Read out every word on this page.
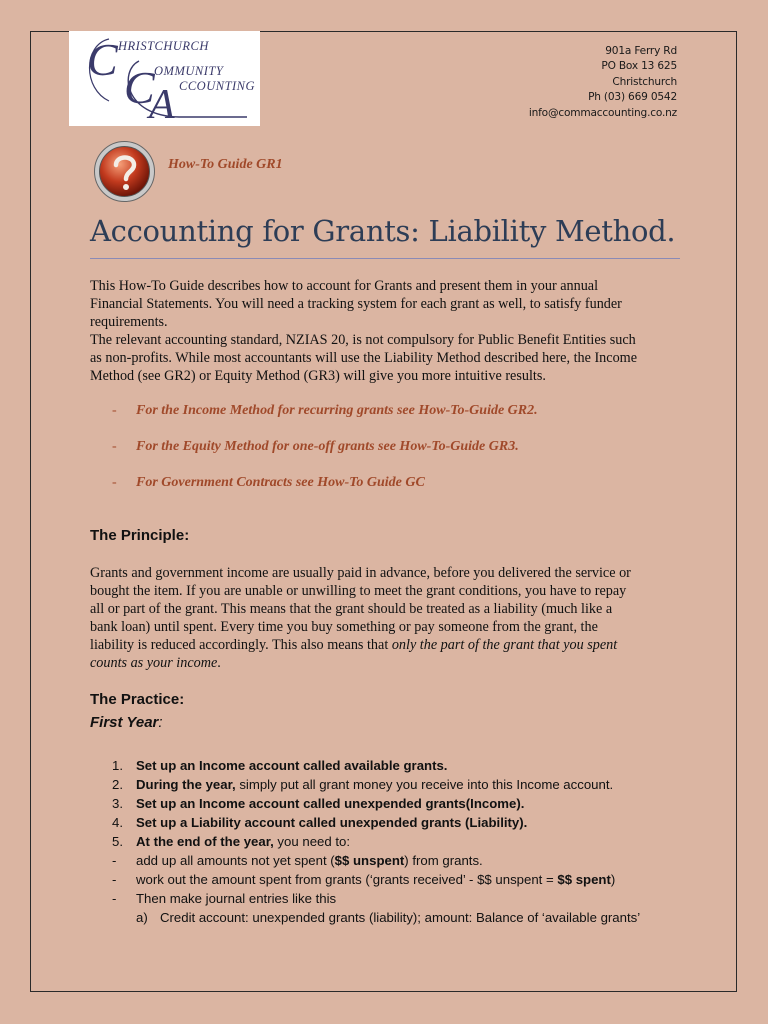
C HRISTCHURCH
C
OMMUNITY
A CCOUNTING
901a Ferry Rd
PO Box 13 625
Christchurch
Ph (03) 669 0542
info@commaccounting.co.nz
How-To Guide GR1
Accounting for Grants: Liability Method.
This How-To Guide describes how to account for Grants and present them in your annual
Financial Statements. You will need a tracking system for each grant as well, to satisfy funder
requirements.
The relevant accounting standard, NZIAS 20, is not compulsory for Public Benefit Entities such
as non-profits. While most accountants will use the Liability Method described here, the Income
Method (see GR2) or Equity Method (GR3) will give you more intuitive results.
- For the Income Method for recurring grants see How-To-Guide GR2.
- For the Equity Method for one-off grants see How-To-Guide GR3.
- For Government Contracts see How-To Guide GC
The Principle:
Grants and government income are usually paid in advance, before you delivered the service or
bought the item. If you are unable or unwilling to meet the grant conditions, you have to repay
all or part of the grant. This means that the grant should be treated as a liability (much like a
bank loan) until spent. Every time you buy something or pay someone from the grant, the
liability is reduced accordingly. This also means that only the part of the grant that you spent
counts as your income.
The Practice:
First Year:
1. Set up an Income account called available grants.
2. During the year, simply put all grant money you receive into this Income account.
3. Set up an Income account called unexpended grants(Income).
4. Set up a Liability account called unexpended grants (Liability).
5. At the end of the year, you need to:
- add up all amounts not yet spent ($$ unspent) from grants.
- work out the amount spent from grants (‘grants received’ - $$ unspent = $$ spent)
- Then make journal entries like this
a) Credit account: unexpended grants (liability); amount: Balance of ‘available grants’
